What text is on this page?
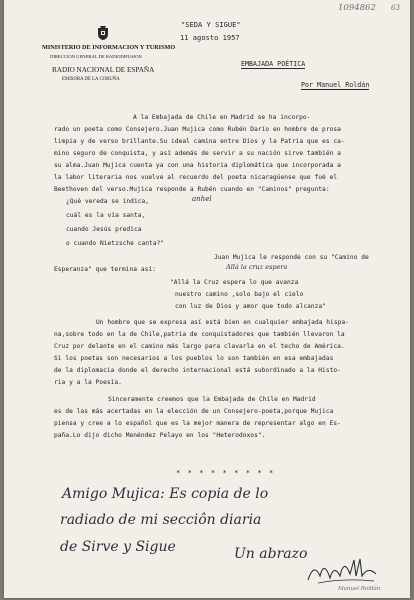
1094862 63
MINISTERIO DE INFORMACION Y TURISMO
DIRECCION GENERAL DE RADIODIFUSION
RADIO NACIONAL DE ESPAÑA
EMISORA DE LA CORUÑA
"SEDA Y SIGUE"
11 agosto 1957
EMBAJADA POÉTICA
Por Manuel Roldán
A la Embajada de Chile en Madrid se ha incorpo-
rado un poeta como Consejero.Juan Mujica como Rubén Darío en hombre de prosa
limpia y de verso brillante.Su ideal camina entre Dios y la Patria que es ca-
mino seguro de conquista, y así además de servir a su nación sirve también a
su alma.Juan Mujica cuenta ya con una historia diplomática que incorporada a
la labor literaria nos vuelve al recuerdo del poeta nicaragüense que fué el
Beethoven del verso.Mujica responde a Rubén cuando en "Caminos" pregunta:
¿Qué vereda se indica,
cuál es la vía santa,
cuando Jesús predica
o cuando Nietzsche canta?"
anhel
Allá la cruz espera
Juan Mujica le responde con su "Camino de
Esperanza" que termina así:
"Allá la Cruz espera lo que avanza
nuestro camino ,solo bajo el cielo
con luz de Dios y amor que todo alcanza"
Un hombre que se expresa así está bien en cualquier embajada hispa-
na,sobre todo en la de Chile,patria de conquistadores que también llevaron la
Cruz por delante en el camino más largo para clavarla en el techo de América.
Si los poetas son necesarios a los pueblos lo son también en esa embajadas
de la diplomacia donde el derecho internacional está subordinado a la Histo-
ria y a la Poesía.
Sinceramente creemos que la Embajada de Chile en Madrid
es de las más acertadas en la elección de un Consejero-poeta,porque Mujica
piensa y cree a lo español que es la mejor manera de representar algo en Es-
paña.Lo dijo dicho Menéndez Pelayo en los "Heterodoxos".
* * * * * * * * *
Amigo Mujica: Es copia de lo
radiado de mi secciôn diaria
de Sirve y Sigue	Un abrazo
Manuel Roldán
